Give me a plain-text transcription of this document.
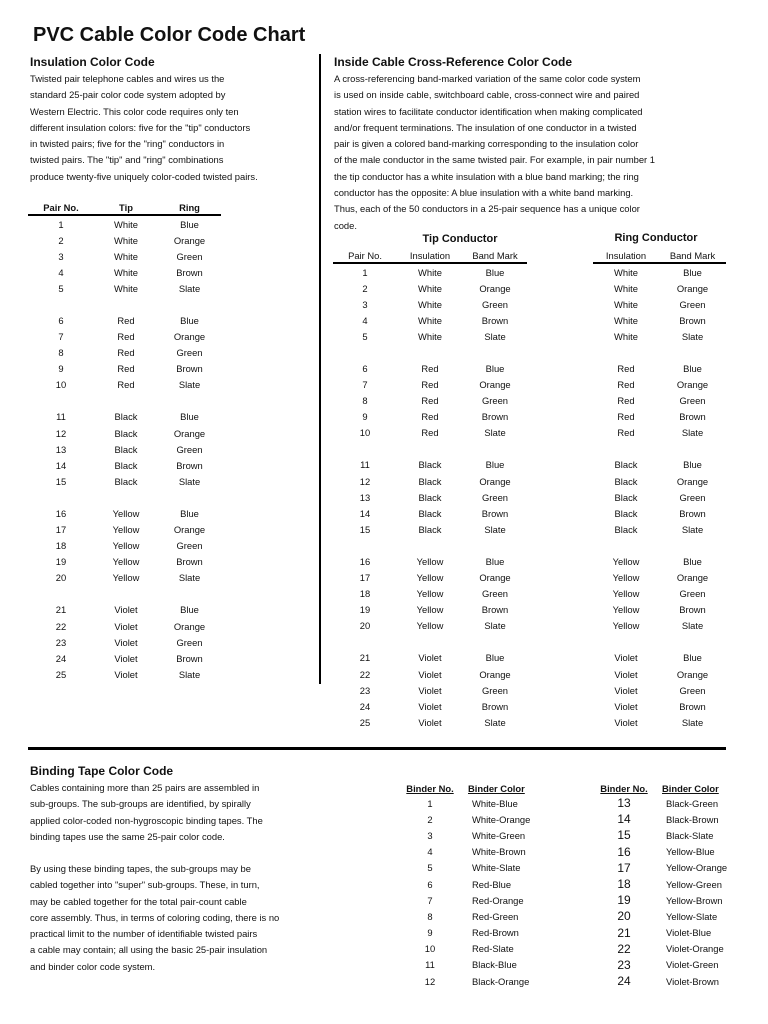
PVC Cable Color Code Chart
Insulation Color Code

Twisted pair telephone cables and wires us the

standard 25-pair color code system adopted by

Western Electric. This color code requires only ten

different insulation colors: five for the "tip" conductors

in twisted pairs; five for the "ring" conductors in

twisted pairs. The "tip" and "ring" combinations

produce twenty-five uniquely color-coded twisted pairs.

Pair No.	Tip	Ring
1	White	Blue
2	White	Orange
3	White	Green
4	White	Brown
5	White	Slate
6	Red	Blue
7	Red	Orange
8	Red	Green
9	Red	Brown
10	Red	Slate
11	Black	Blue
12	Black	Orange
13	Black	Green
14	Black	Brown
15	Black	Slate
16	Yellow	Blue
17	Yellow	Orange
18	Yellow	Green
19	Yellow	Brown
20	Yellow	Slate
21	Violet	Blue
22	Violet	Orange
23	Violet	Green
24	Violet	Brown
25	Violet	Slate
Inside Cable Cross-Reference Color Code

A cross-referencing band-marked variation of the same color code system

is used on inside cable, switchboard cable, cross-connect wire and paired

station wires to facilitate conductor identification when making complicated

and/or frequent terminations. The insulation of one conductor in a twisted

pair is given a colored band-marking corresponding to the insulation color

of the male conductor in the same twisted pair. For example, in pair number 1

the tip conductor has a white insulation with a blue band marking; the ring

conductor has the opposite: A blue insulation with a white band marking.

Thus, each of the 50 conductors in a 25-pair sequence has a unique color

code.

Tip Conductor	Ring Conductor
Pair No.	Insulation	Band Mark		Insulation	Band Mark
1	White	Blue		White	Blue
2	White	Orange		White	Orange
3	White	Green		White	Green
4	White	Brown		White	Brown
5	White	Slate		White	Slate
6	Red	Blue		Red	Blue
7	Red	Orange		Red	Orange
8	Red	Green		Red	Green
9	Red	Brown		Red	Brown
10	Red	Slate		Red	Slate
11	Black	Blue		Black	Blue
12	Black	Orange		Black	Orange
13	Black	Green		Black	Green
14	Black	Brown		Black	Brown
15	Black	Slate		Black	Slate
16	Yellow	Blue		Yellow	Blue
17	Yellow	Orange		Yellow	Orange
18	Yellow	Green		Yellow	Green
19	Yellow	Brown		Yellow	Brown
20	Yellow	Slate		Yellow	Slate
21	Violet	Blue		Violet	Blue
22	Violet	Orange		Violet	Orange
23	Violet	Green		Violet	Green
24	Violet	Brown		Violet	Brown
25	Violet	Slate		Violet	Slate
Binding Tape Color Code

Cables containing more than 25 pairs are assembled in

sub-groups. The sub-groups are identified, by spirally

applied color-coded non-hygroscopic binding tapes. The

binding tapes use the same 25-pair color code.

By using these binding tapes, the sub-groups may be

cabled together into "super" sub-groups. These, in turn,

may be cabled together for the total pair-count cable

core assembly. Thus, in terms of coloring coding, there is no

practical limit to the number of identifiable twisted pairs

a cable may contain; all using the basic 25-pair insulation

and binder color code system.

Binder No.	Binder Color
1	White-Blue
2	White-Orange
3	White-Green
4	White-Brown
5	White-Slate
6	Red-Blue
7	Red-Orange
8	Red-Green
9	Red-Brown
10	Red-Slate
11	Black-Blue
12	Black-Orange
Binder No.	Binder Color
13	Black-Green
14	Black-Brown
15	Black-Slate
16	Yellow-Blue
17	Yellow-Orange
18	Yellow-Green
19	Yellow-Brown
20	Yellow-Slate
21	Violet-Blue
22	Violet-Orange
23	Violet-Green
24	Violet-Brown
